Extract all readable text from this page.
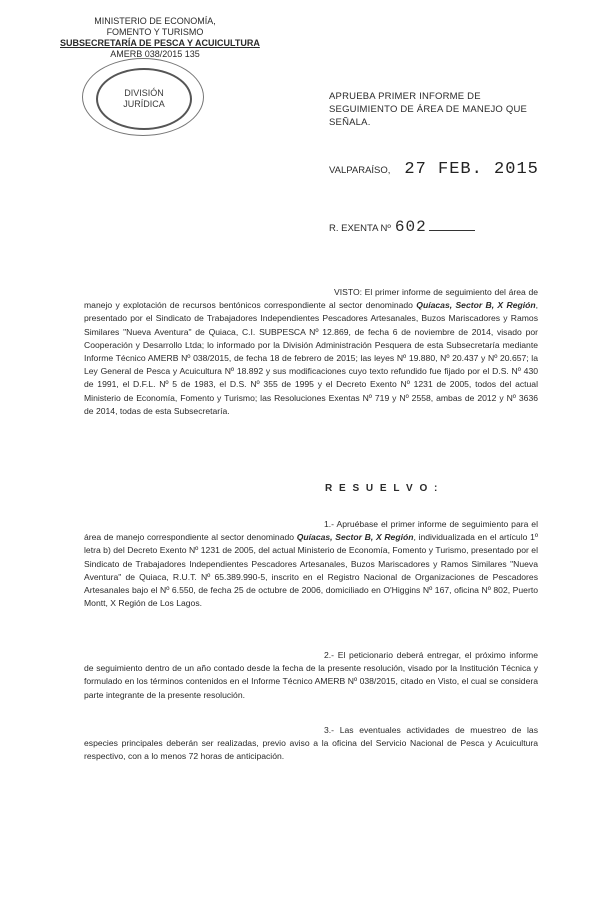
MINISTERIO DE ECONOMÍA,
FOMENTO Y TURISMO
SUBSECRETARÍA DE PESCA Y ACUICULTURA
AMERB 038/2015 135
DIVISIÓN
JURÍDICA
APRUEBA PRIMER INFORME DE SEGUIMIENTO DE ÁREA DE MANEJO QUE SEÑALA.
VALPARAÍSO, 27 FEB. 2015
R. EXENTA Nº 602
VISTO: El primer informe de seguimiento del área de manejo y explotación de recursos bentónicos correspondiente al sector denominado Quíacas, Sector B, X Región, presentado por el Sindicato de Trabajadores Independientes Pescadores Artesanales, Buzos Mariscadores y Ramos Similares "Nueva Aventura" de Quiaca, C.I. SUBPESCA Nº 12.869, de fecha 6 de noviembre de 2014, visado por Cooperación y Desarrollo Ltda; lo informado por la División Administración Pesquera de esta Subsecretaría mediante Informe Técnico AMERB Nº 038/2015, de fecha 18 de febrero de 2015; las leyes Nº 19.880, Nº 20.437 y Nº 20.657; la Ley General de Pesca y Acuicultura Nº 18.892 y sus modificaciones cuyo texto refundido fue fijado por el D.S. Nº 430 de 1991, el D.F.L. Nº 5 de 1983, el D.S. Nº 355 de 1995 y el Decreto Exento Nº 1231 de 2005, todos del actual Ministerio de Economía, Fomento y Turismo; las Resoluciones Exentas Nº 719 y Nº 2558, ambas de 2012 y Nº 3636 de 2014, todas de esta Subsecretaría.
R E S U E L V O :
1.- Apruébase el primer informe de seguimiento para el área de manejo correspondiente al sector denominado Quíacas, Sector B, X Región, individualizada en el artículo 1º letra b) del Decreto Exento Nº 1231 de 2005, del actual Ministerio de Economía, Fomento y Turismo, presentado por el Sindicato de Trabajadores Independientes Pescadores Artesanales, Buzos Mariscadores y Ramos Similares "Nueva Aventura" de Quiaca, R.U.T. Nº 65.389.990-5, inscrito en el Registro Nacional de Organizaciones de Pescadores Artesanales bajo el Nº 6.550, de fecha 25 de octubre de 2006, domiciliado en O'Higgins Nº 167, oficina Nº 802, Puerto Montt, X Región de Los Lagos.
2.- El peticionario deberá entregar, el próximo informe de seguimiento dentro de un año contado desde la fecha de la presente resolución, visado por la Institución Técnica y formulado en los términos contenidos en el Informe Técnico AMERB Nº 038/2015, citado en Visto, el cual se considera parte integrante de la presente resolución.
3.- Las eventuales actividades de muestreo de las especies principales deberán ser realizadas, previo aviso a la oficina del Servicio Nacional de Pesca y Acuicultura respectivo, con a lo menos 72 horas de anticipación.
